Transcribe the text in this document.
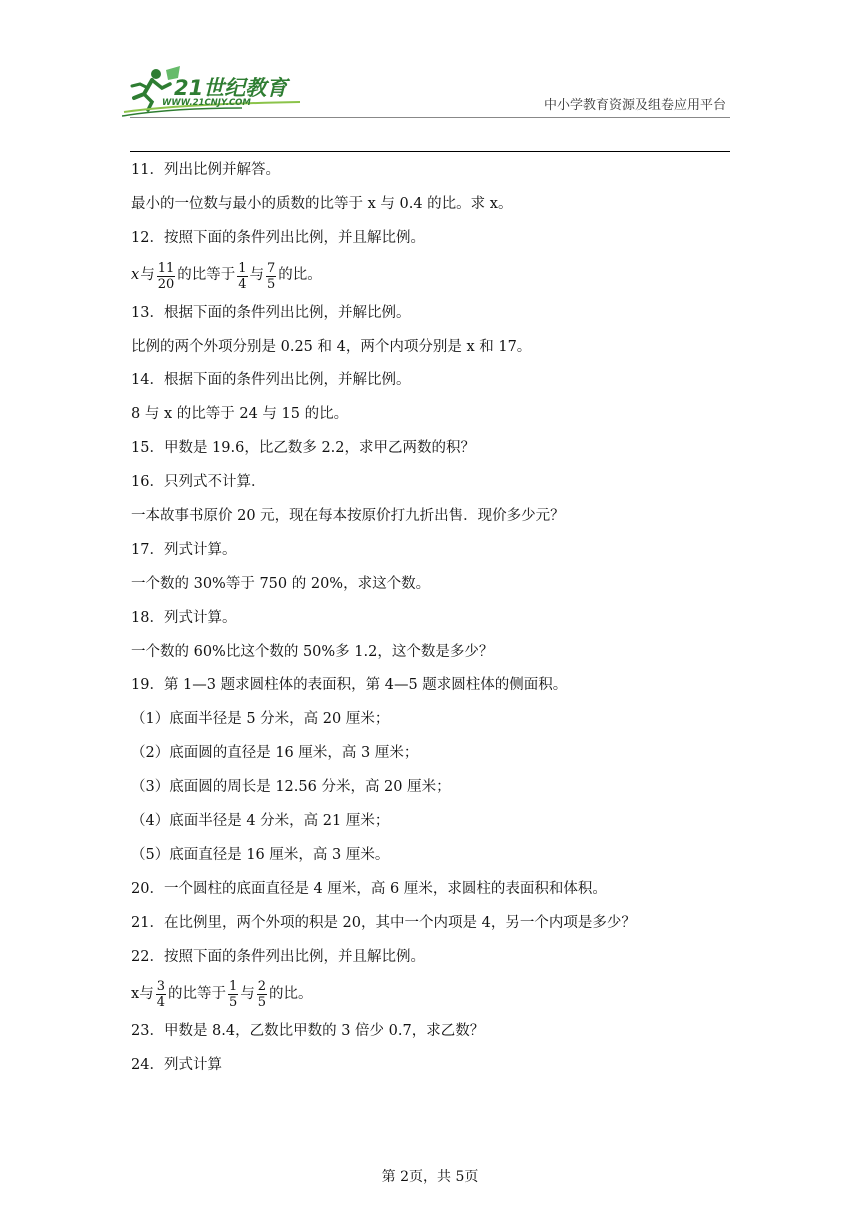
21世纪教育
WWW.21CNJY.COM	中小学教育资源及组卷应用平台
11．列出比例并解答。
最小的一位数与最小的质数的比等于 x 与 0.4 的比。求 x。
12．按照下面的条件列出比例，并且解比例。
x 与 $\frac{11}{20}$ 的比等于 $\frac{1}{4}$ 与 $\frac{7}{5}$ 的比。
13．根据下面的条件列出比例，并解比例。
比例的两个外项分别是 0.25 和 4，两个内项分别是 x 和 17。
14．根据下面的条件列出比例，并解比例。
8 与 x 的比等于 24 与 15 的比。
15．甲数是 19.6，比乙数多 2.2，求甲乙两数的积？
16．只列式不计算．
一本故事书原价 20 元，现在每本按原价打九折出售．现价多少元？
17．列式计算。
一个数的 30%等于 750 的 20%，求这个数。
18．列式计算。
一个数的 60%比这个数的 50%多 1.2，这个数是多少？
19．第 1—3 题求圆柱体的表面积，第 4—5 题求圆柱体的侧面积。
（1）底面半径是 5 分米，高 20 厘米；
（2）底面圆的直径是 16 厘米，高 3 厘米；
（3）底面圆的周长是 12.56 分米，高 20 厘米；
（4）底面半径是 4 分米，高 21 厘米；
（5）底面直径是 16 厘米，高 3 厘米。
20．一个圆柱的底面直径是 4 厘米，高 6 厘米，求圆柱的表面积和体积。
21．在比例里，两个外项的积是 20，其中一个内项是 4，另一个内项是多少？
22．按照下面的条件列出比例，并且解比例。
x 与 $\frac{3}{4}$ 的比等于 $\frac{1}{5}$ 与 $\frac{2}{5}$ 的比。
23．甲数是 8.4，乙数比甲数的 3 倍少 0.7，求乙数？
24．列式计算
第 2页，共 5页
